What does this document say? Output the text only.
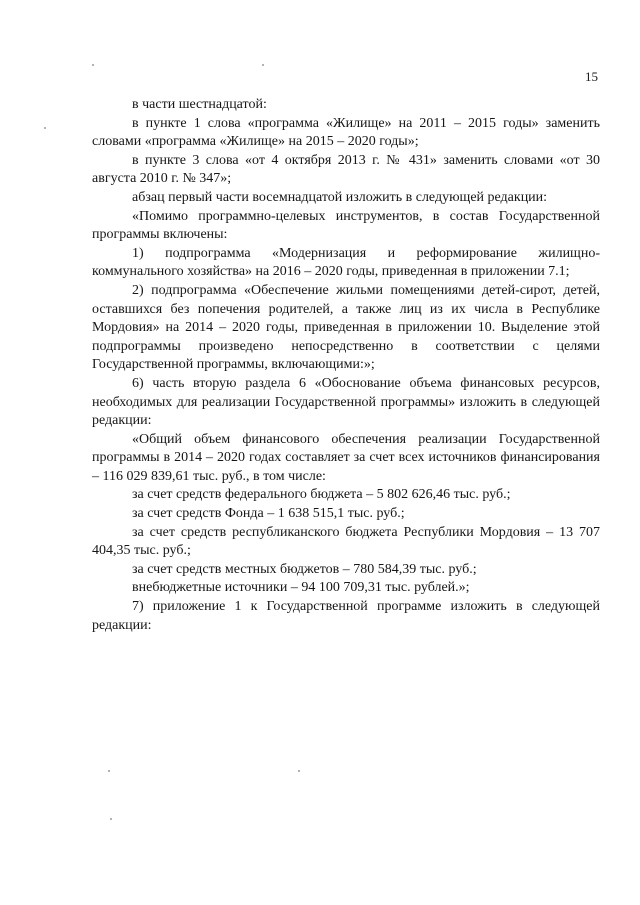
15

в части шестнадцатой:

в пункте 1 слова «программа «Жилище» на 2011 – 2015 годы» заменить словами «программа «Жилище» на 2015 – 2020 годы»;

в пункте 3 слова «от 4 октября 2013 г. № 431» заменить словами «от 30 августа 2010 г. № 347»;

абзац первый части восемнадцатой изложить в следующей редакции:

«Помимо программно-целевых инструментов, в состав Государственной программы включены:

1) подпрограмма «Модернизация и реформирование жилищно-коммунального хозяйства» на 2016 – 2020 годы, приведенная в приложении 7.1;

2) подпрограмма «Обеспечение жильми помещениями детей-сирот, детей, оставшихся без попечения родителей, а также лиц из их числа в Республике Мордовия» на 2014 – 2020 годы, приведенная в приложении 10. Выделение этой подпрограммы произведено непосредственно в соответствии с целями Государственной программы, включающими:»;

6) часть вторую раздела 6 «Обоснование объема финансовых ресурсов, необходимых для реализации Государственной программы» изложить в следующей редакции:

«Общий объем финансового обеспечения реализации Государственной программы в 2014 – 2020 годах составляет за счет всех источников финансирования – 116 029 839,61 тыс. руб., в том числе:

за счет средств федерального бюджета – 5 802 626,46 тыс. руб.;

за счет средств Фонда – 1 638 515,1 тыс. руб.;

за счет средств республиканского бюджета Республики Мордовия – 13 707 404,35 тыс. руб.;

за счет средств местных бюджетов – 780 584,39 тыс. руб.;

внебюджетные источники – 94 100 709,31 тыс. рублей.»;

7) приложение 1 к Государственной программе изложить в следующей редакции:
